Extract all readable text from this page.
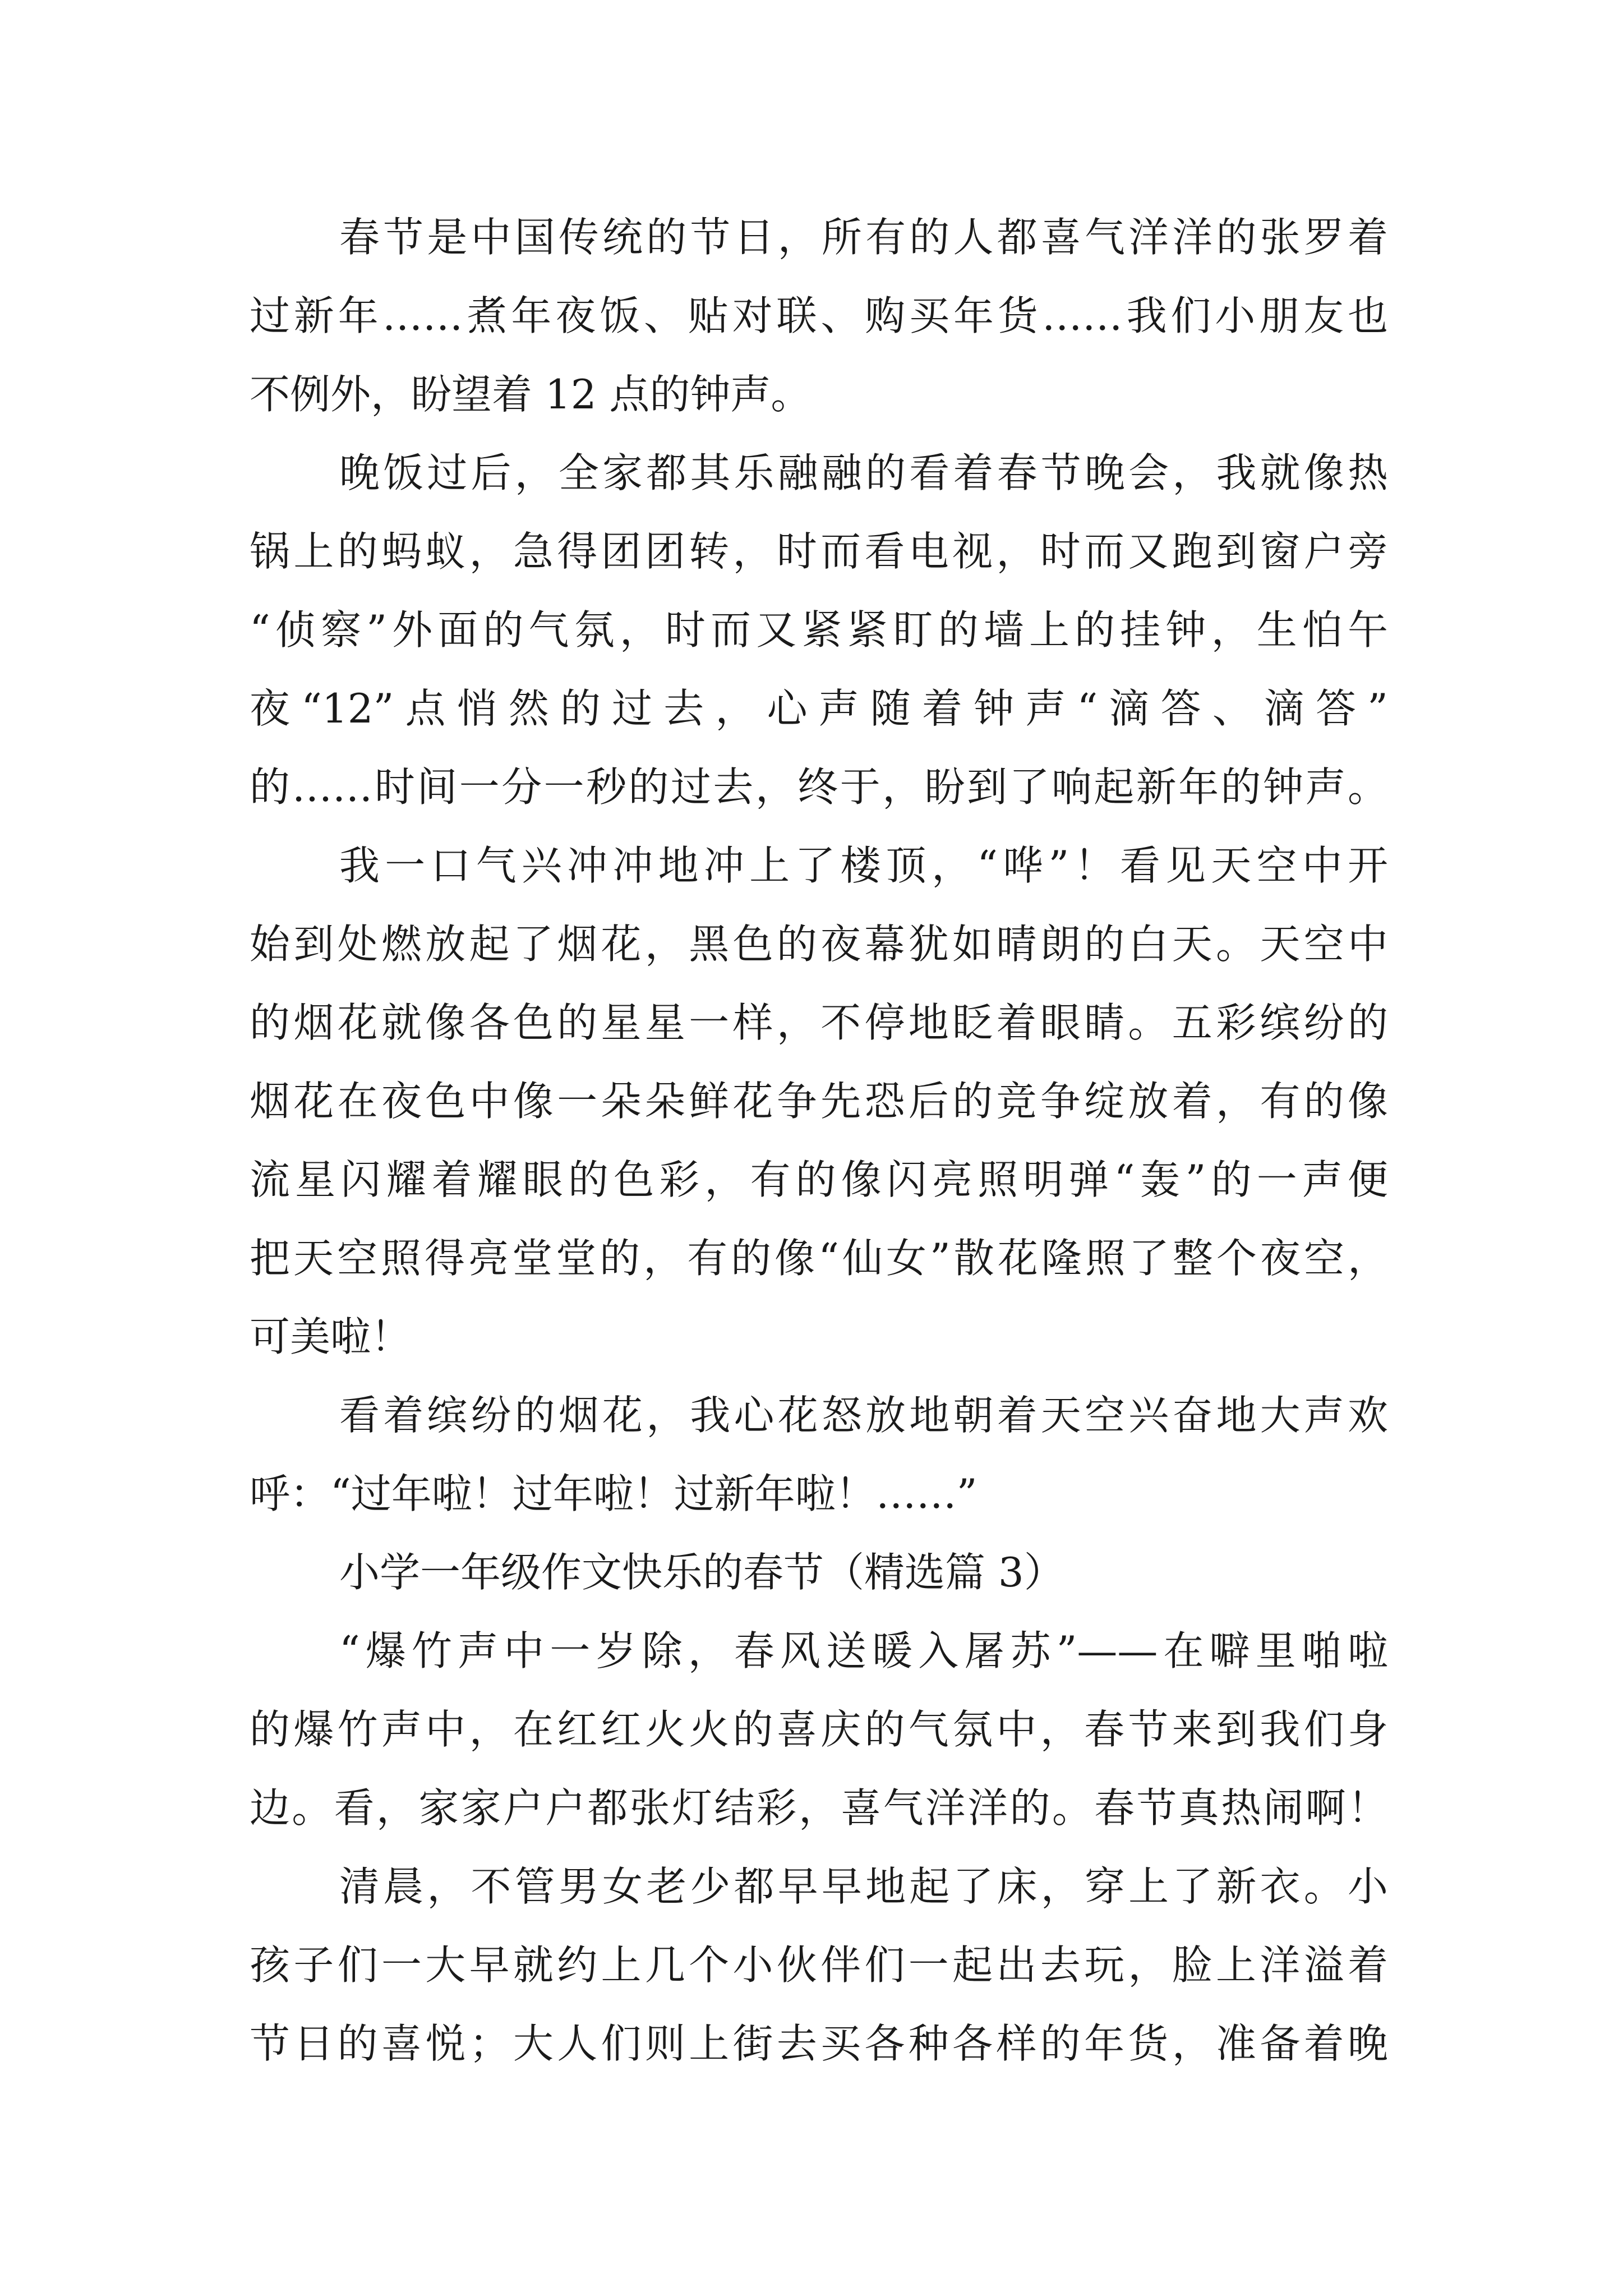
春节是中国传统的节日，所有的人都喜气洋洋的张罗着
过新年……煮年夜饭、贴对联、购买年货……我们小朋友也
不例外，盼望着 12 点的钟声。
晚饭过后，全家都其乐融融的看着春节晚会，我就像热
锅上的蚂蚁，急得团团转，时而看电视，时而又跑到窗户旁
“侦察”外面的气氛，时而又紧紧盯的墙上的挂钟，生怕午
夜“12”点悄然的过去，心声随着钟声“滴答、滴答”
的……时间一分一秒的过去，终于，盼到了响起新年的钟声。
我一口气兴冲冲地冲上了楼顶，“哗”！看见天空中开
始到处燃放起了烟花，黑色的夜幕犹如晴朗的白天。天空中
的烟花就像各色的星星一样，不停地眨着眼睛。五彩缤纷的
烟花在夜色中像一朵朵鲜花争先恐后的竞争绽放着，有的像
流星闪耀着耀眼的色彩，有的像闪亮照明弹“轰”的一声便
把天空照得亮堂堂的，有的像“仙女”散花隆照了整个夜空，
可美啦！
看着缤纷的烟花，我心花怒放地朝着天空兴奋地大声欢
呼：“过年啦！过年啦！过新年啦！……”
小学一年级作文快乐的春节（精选篇 3）
“爆竹声中一岁除，春风送暖入屠苏”——在噼里啪啦
的爆竹声中，在红红火火的喜庆的气氛中，春节来到我们身
边。看，家家户户都张灯结彩，喜气洋洋的。春节真热闹啊！
清晨，不管男女老少都早早地起了床，穿上了新衣。小
孩子们一大早就约上几个小伙伴们一起出去玩，脸上洋溢着
节日的喜悦；大人们则上街去买各种各样的年货，准备着晚
